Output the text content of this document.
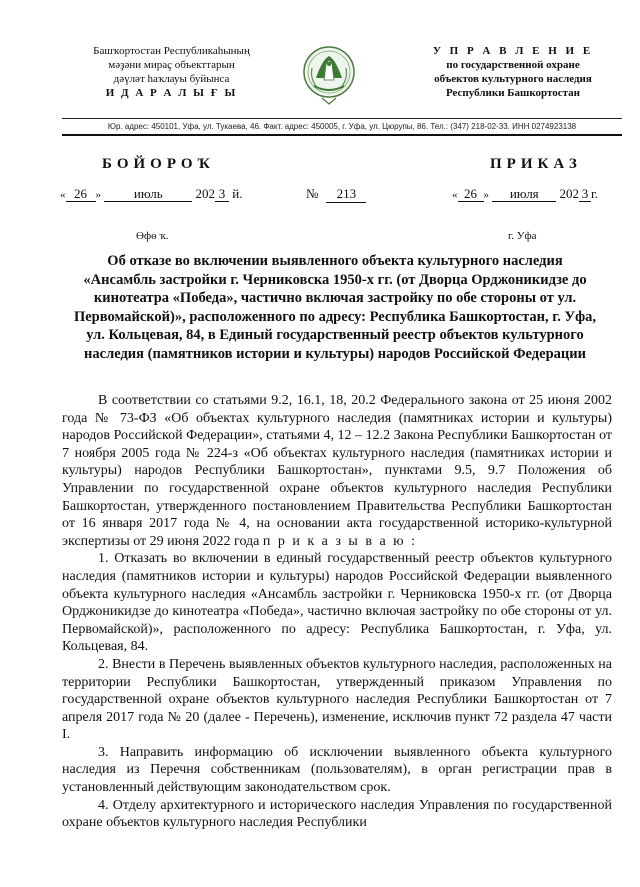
Башҡортостан Республикаһының
мәҙәни мираҫ объекттарын
дәүләт һаҡлауы буйынса
И Д А Р А Л Ы Ғ Ы
У П Р А В Л Е Н И Е
по государственной охране
объектов культурного наследия
Республики Башкортостан
Юр. адрес: 450101, Уфа, ул. Тукаева, 46. Факт. адрес: 450005, г. Уфа, ул. Цюрупы, 86. Тел.: (347) 218-02-33. ИНН 0274923138
БОЙОРОҠ	ПРИКАЗ
« 26 »	июль	202 3 й.	№ 213	« 26 » июля 202 3 г.
Өфө ҡ.	г. Уфа
Об отказе во включении выявленного объекта культурного наследия «Ансамбль застройки г. Черниковска 1950-х гг. (от Дворца Орджоникидзе до кинотеатра «Победа», частично включая застройку по обе стороны от ул. Первомайской)», расположенного по адресу: Республика Башкортостан, г. Уфа, ул. Кольцевая, 84, в Единый государственный реестр объектов культурного наследия (памятников истории и культуры) народов Российской Федерации

В соответствии со статьями 9.2, 16.1, 18, 20.2 Федерального закона от 25 июня 2002 года № 73-ФЗ «Об объектах культурного наследия (памятниках истории и культуры) народов Российской Федерации», статьями 4, 12 – 12.2 Закона Республики Башкортостан от 7 ноября 2005 года № 224-з «Об объектах культурного наследия (памятниках истории и культуры) народов Республики Башкортостан», пунктами 9.5, 9.7 Положения об Управлении по государственной охране объектов культурного наследия Республики Башкортостан, утвержденного постановлением Правительства Республики Башкортостан от 16 января 2017 года № 4, на основании акта государственной историко-культурной экспертизы от 29 июня 2022 года п р и к а з ы в а ю :

1. Отказать во включении в единый государственный реестр объектов культурного наследия (памятников истории и культуры) народов Российской Федерации выявленного объекта культурного наследия «Ансамбль застройки г. Черниковска 1950-х гг. (от Дворца Орджоникидзе до кинотеатра «Победа», частично включая застройку по обе стороны от ул. Первомайской)», расположенного по адресу: Республика Башкортостан, г. Уфа, ул. Кольцевая, 84.

2. Внести в Перечень выявленных объектов культурного наследия, расположенных на территории Республики Башкортостан, утвержденный приказом Управления по государственной охране объектов культурного наследия Республики Башкортостан от 7 апреля 2017 года № 20 (далее - Перечень), изменение, исключив пункт 72 раздела 47 части I.

3. Направить информацию об исключении выявленного объекта культурного наследия из Перечня собственникам (пользователям), в орган регистрации прав в установленный действующим законодательством срок.

4. Отделу архитектурного и исторического наследия Управления по государственной охране объектов культурного наследия Республики
